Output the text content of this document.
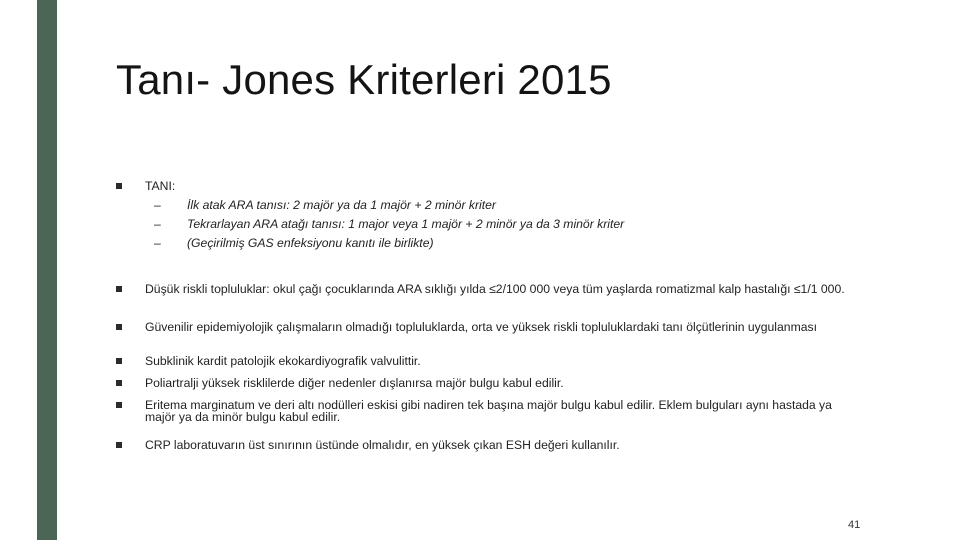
Tanı- Jones Kriterleri 2015
TANI:
– İlk atak ARA tanısı: 2 majör ya da 1 majör + 2 minör kriter
– Tekrarlayan ARA atağı tanısı: 1 major veya 1 majör + 2 minör ya da 3 minör kriter
– (Geçirilmiş GAS enfeksiyonu kanıtı ile birlikte)
Düşük riskli topluluklar: okul çağı çocuklarında ARA sıklığı yılda ≤2/100 000 veya tüm yaşlarda romatizmal kalp hastalığı ≤1/1 000.
Güvenilir epidemiyolojik çalışmaların olmadığı topluluklarda, orta ve yüksek riskli topluluklardaki tanı ölçütlerinin uygulanması
Subklinik kardit patolojik ekokardiyografik valvulittir.
Poliartralji yüksek risklilerde diğer nedenler dışlanırsa majör bulgu kabul edilir.
Eritema marginatum ve deri altı nodülleri eskisi gibi nadiren tek başına majör bulgu kabul edilir. Eklem bulguları aynı hastada ya majör ya da minör bulgu kabul edilir.
CRP laboratuvarın üst sınırının üstünde olmalıdır, en yüksek çıkan ESH değeri kullanılır.
41
